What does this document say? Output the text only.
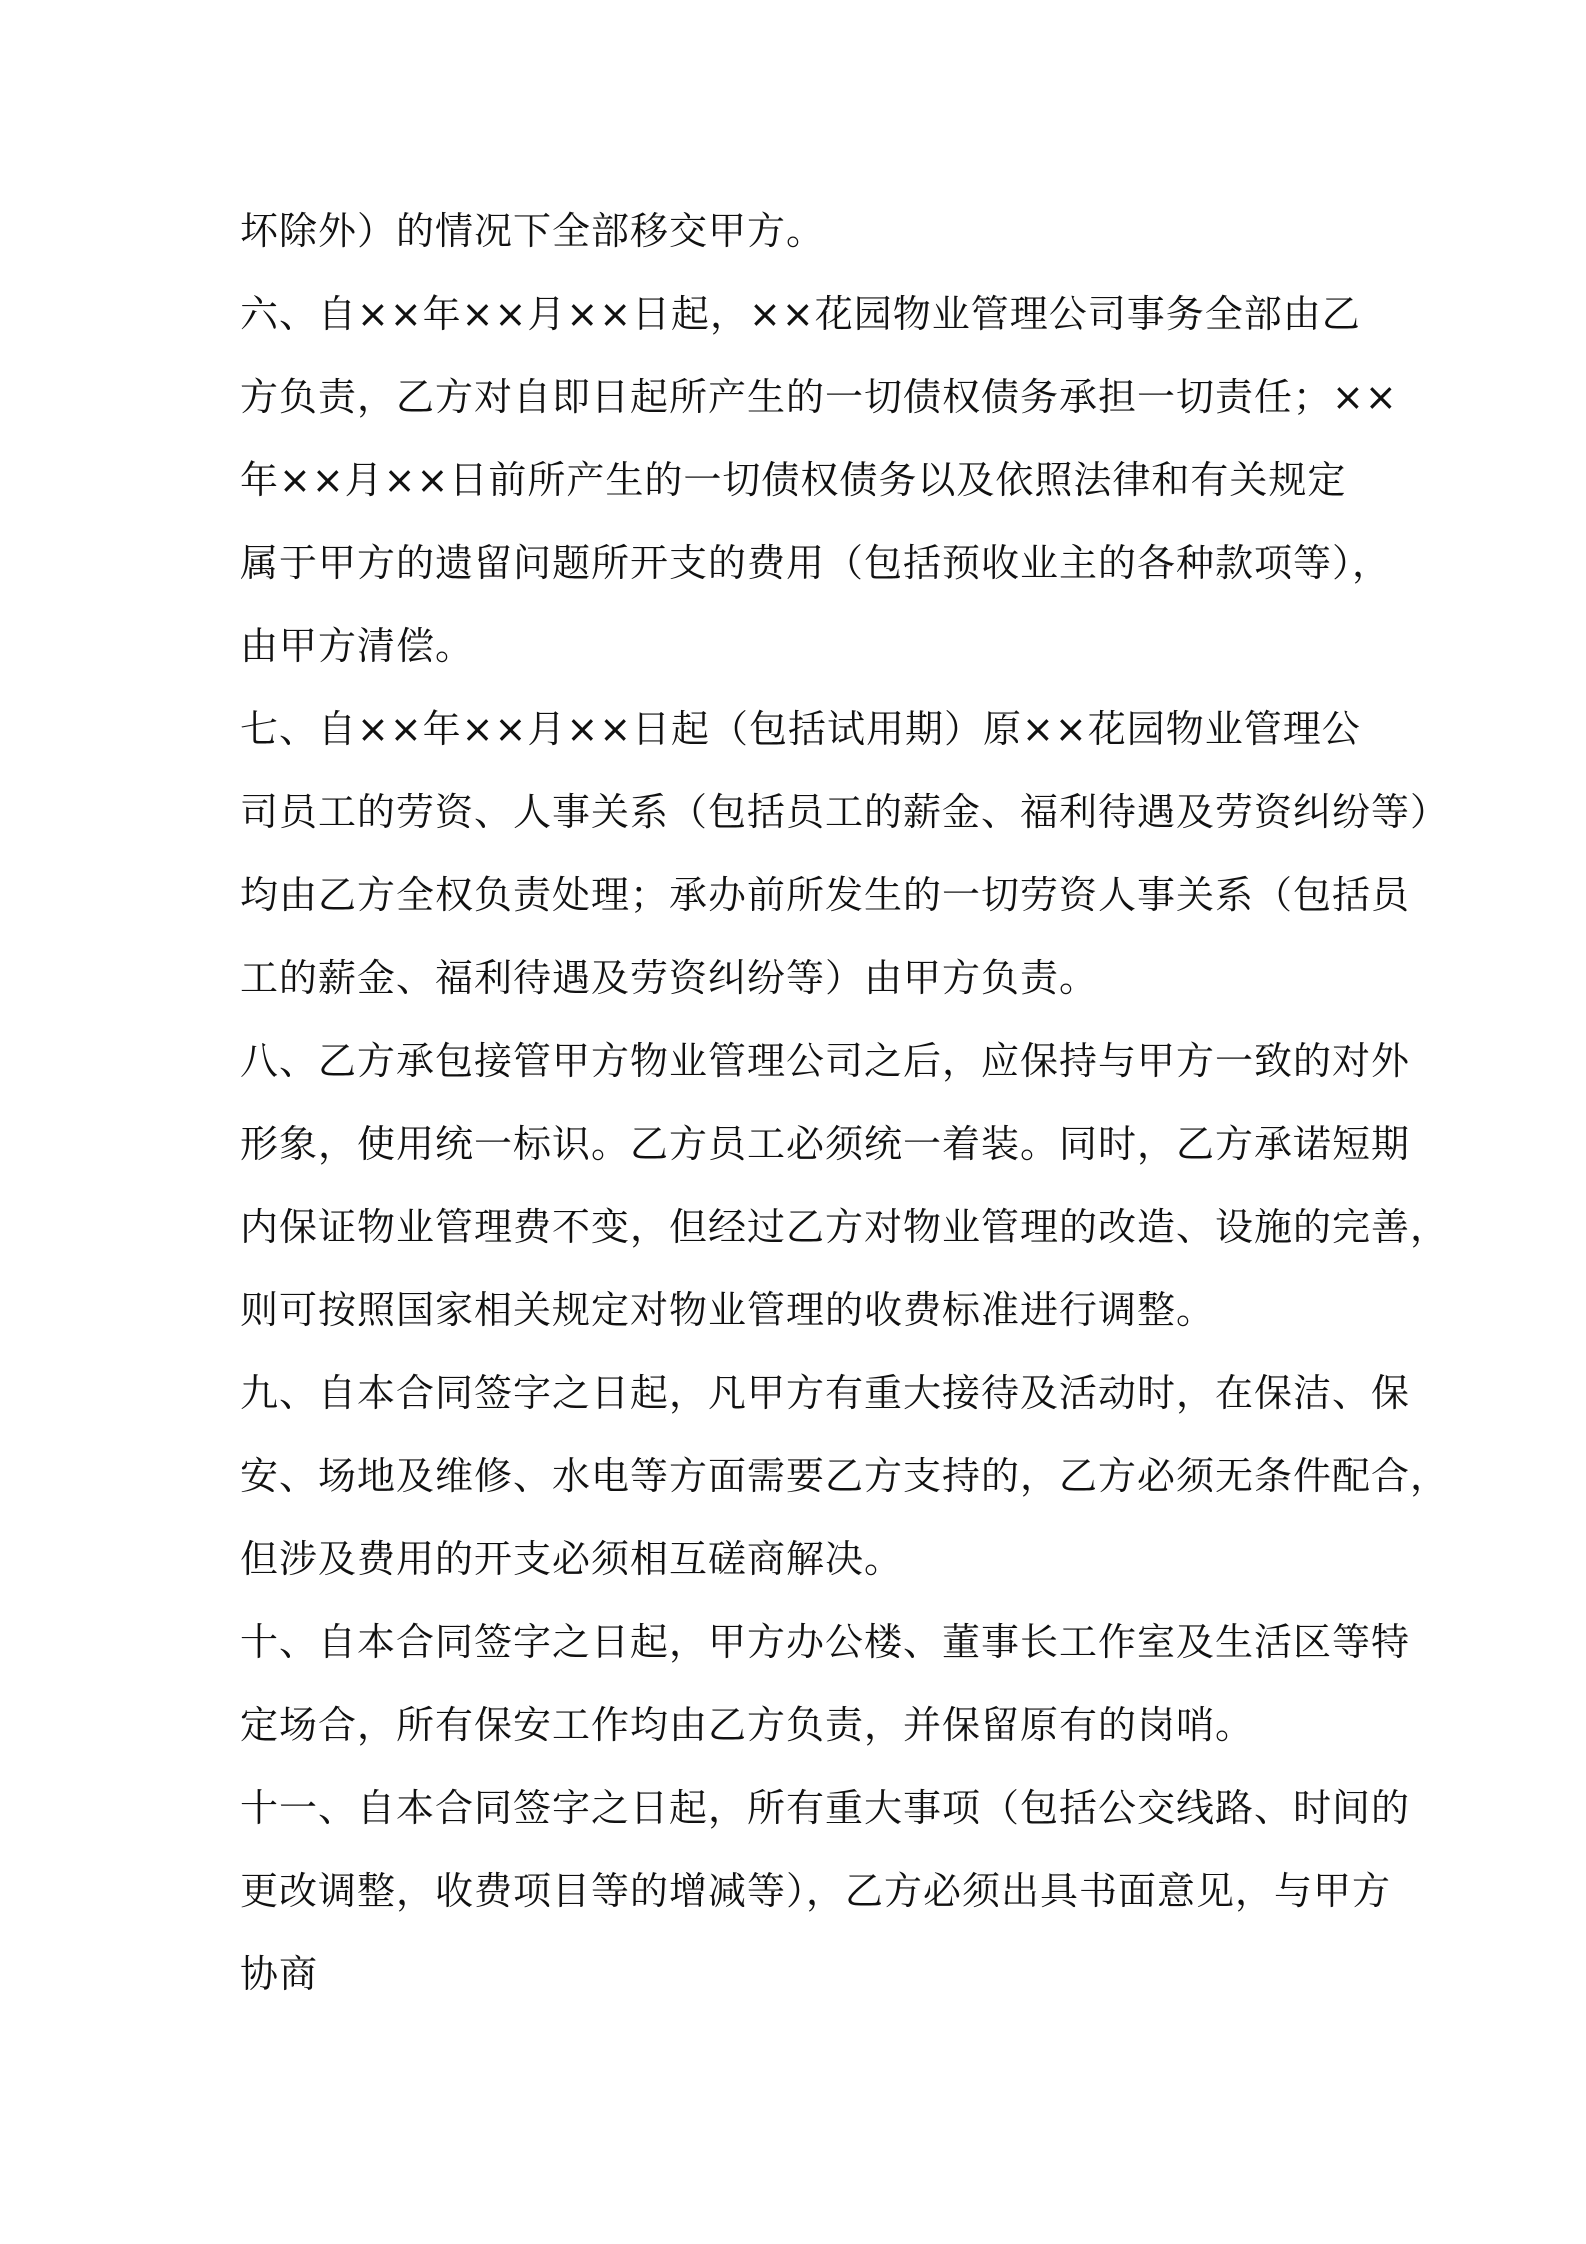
坏除外）的情况下全部移交甲方。

六、自××年××月××日起，××花园物业管理公司事务全部由乙

方负责，乙方对自即日起所产生的一切债权债务承担一切责任；××

年××月××日前所产生的一切债权债务以及依照法律和有关规定

属于甲方的遗留问题所开支的费用（包括预收业主的各种款项等），

由甲方清偿。

七、自××年××月××日起（包括试用期）原××花园物业管理公

司员工的劳资、人事关系（包括员工的薪金、福利待遇及劳资纠纷等）

均由乙方全权负责处理；承办前所发生的一切劳资人事关系（包括员

工的薪金、福利待遇及劳资纠纷等）由甲方负责。

八、乙方承包接管甲方物业管理公司之后，应保持与甲方一致的对外

形象，使用统一标识。乙方员工必须统一着装。同时，乙方承诺短期

内保证物业管理费不变，但经过乙方对物业管理的改造、设施的完善，

则可按照国家相关规定对物业管理的收费标准进行调整。

九、自本合同签字之日起，凡甲方有重大接待及活动时，在保洁、保

安、场地及维修、水电等方面需要乙方支持的，乙方必须无条件配合，

但涉及费用的开支必须相互磋商解决。

十、自本合同签字之日起，甲方办公楼、董事长工作室及生活区等特

定场合，所有保安工作均由乙方负责，并保留原有的岗哨。

十一、自本合同签字之日起，所有重大事项（包括公交线路、时间的

更改调整，收费项目等的增减等），乙方必须出具书面意见，与甲方

协商
